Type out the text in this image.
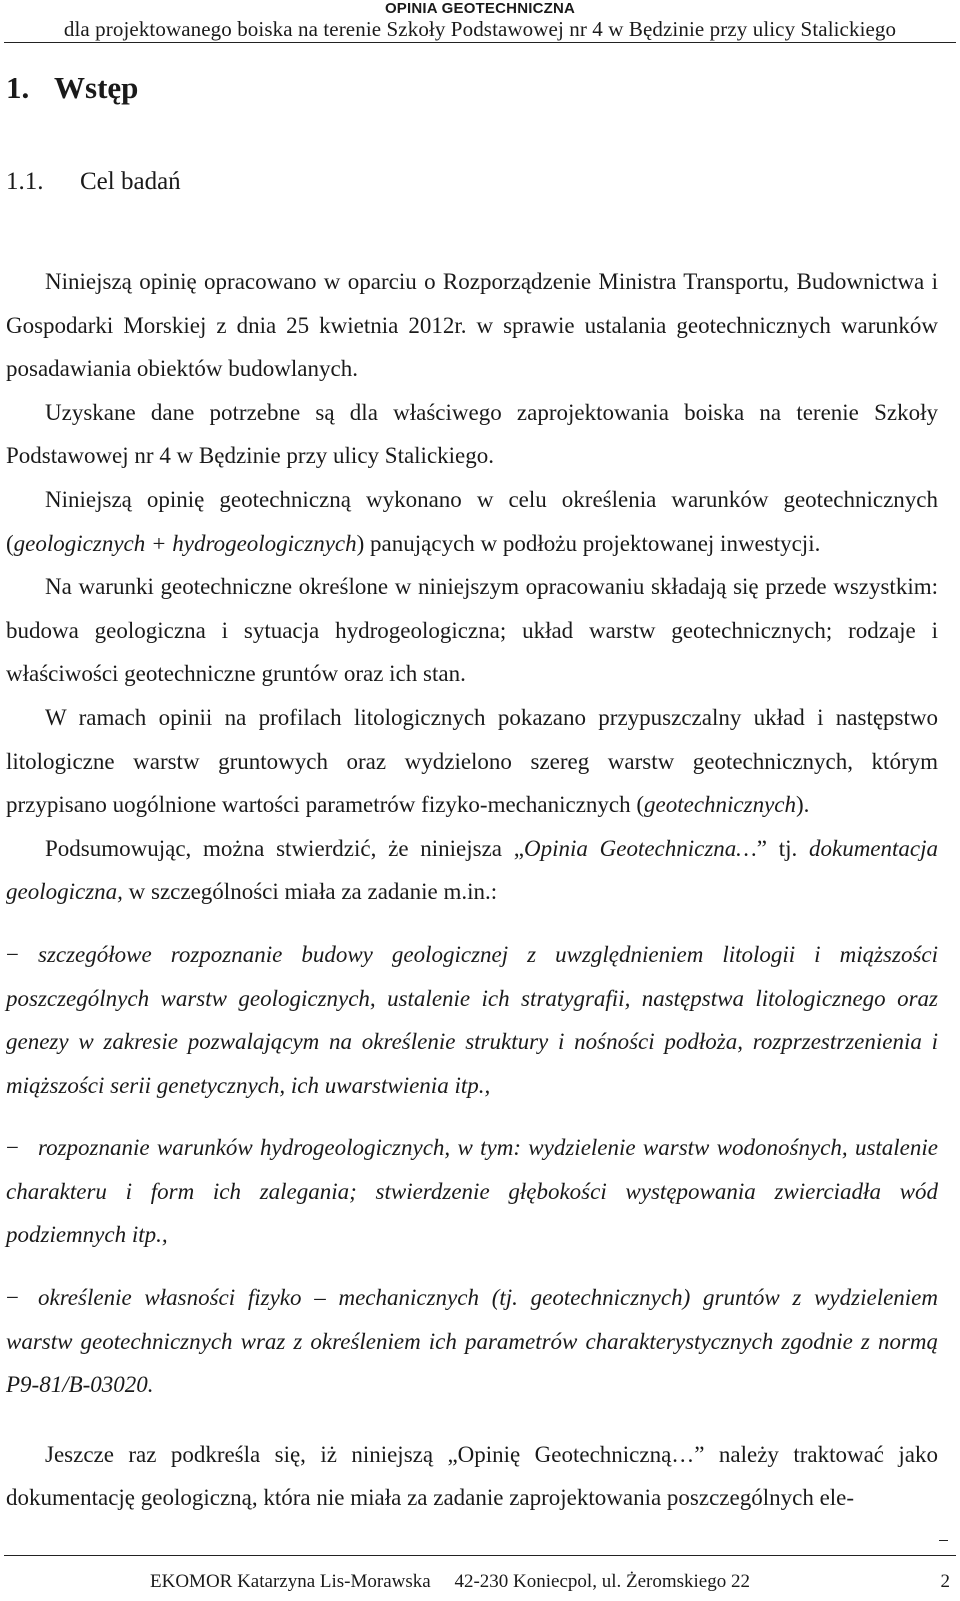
OPINIA GEOTECHNICZNA
dla projektowanego boiska na terenie Szkoły Podstawowej nr 4 w Będzinie przy ulicy Stalickiego
1. Wstęp
1.1. Cel badań

Niniejszą opinię opracowano w oparciu o Rozporządzenie Ministra Transportu, Budownictwa i Gospodarki Morskiej z dnia 25 kwietnia 2012r. w sprawie ustalania geotechnicznych warunków posadawiania obiektów budowlanych.

Uzyskane dane potrzebne są dla właściwego zaprojektowania boiska na terenie Szkoły Podstawowej nr 4 w Będzinie przy ulicy Stalickiego.

Niniejszą opinię geotechniczną wykonano w celu określenia warunków geotechnicznych (geologicznych + hydrogeologicznych) panujących w podłożu projektowanej inwestycji.

Na warunki geotechniczne określone w niniejszym opracowaniu składają się przede wszystkim: budowa geologiczna i sytuacja hydrogeologiczna; układ warstw geotechnicznych; rodzaje i właściwości geotechniczne gruntów oraz ich stan.

W ramach opinii na profilach litologicznych pokazano przypuszczalny układ i następstwo litologiczne warstw gruntowych oraz wydzielono szereg warstw geotechnicznych, którym przypisano uogólnione wartości parametrów fizyko-mechanicznych (geotechnicznych).

Podsumowując, można stwierdzić, że niniejsza „Opinia Geotechniczna…” tj. dokumentacja geologiczna, w szczególności miała za zadanie m.in.:

− szczegółowe rozpoznanie budowy geologicznej z uwzględnieniem litologii i miąższości poszczególnych warstw geologicznych, ustalenie ich stratygrafii, następstwa litologicznego oraz genezy w zakresie pozwalającym na określenie struktury i nośności podłoża, rozprzestrzenienia i miąższości serii genetycznych, ich uwarstwienia itp.,

− rozpoznanie warunków hydrogeologicznych, w tym: wydzielenie warstw wodonośnych, ustalenie charakteru i form ich zalegania; stwierdzenie głębokości występowania zwierciadła wód podziemnych itp.,

− określenie własności fizyko – mechanicznych (tj. geotechnicznych) gruntów z wydzieleniem warstw geotechnicznych wraz z określeniem ich parametrów charakterystycznych zgodnie z normą P9-81/B-03020.

Jeszcze raz podkreśla się, iż niniejszą „Opinię Geotechniczną…” należy traktować jako dokumentację geologiczną, która nie miała za zadanie zaprojektowania poszczególnych ele-

EKOMOR Katarzyna Lis-Morawska 42-230 Koniecpol, ul. Żeromskiego 22	2
